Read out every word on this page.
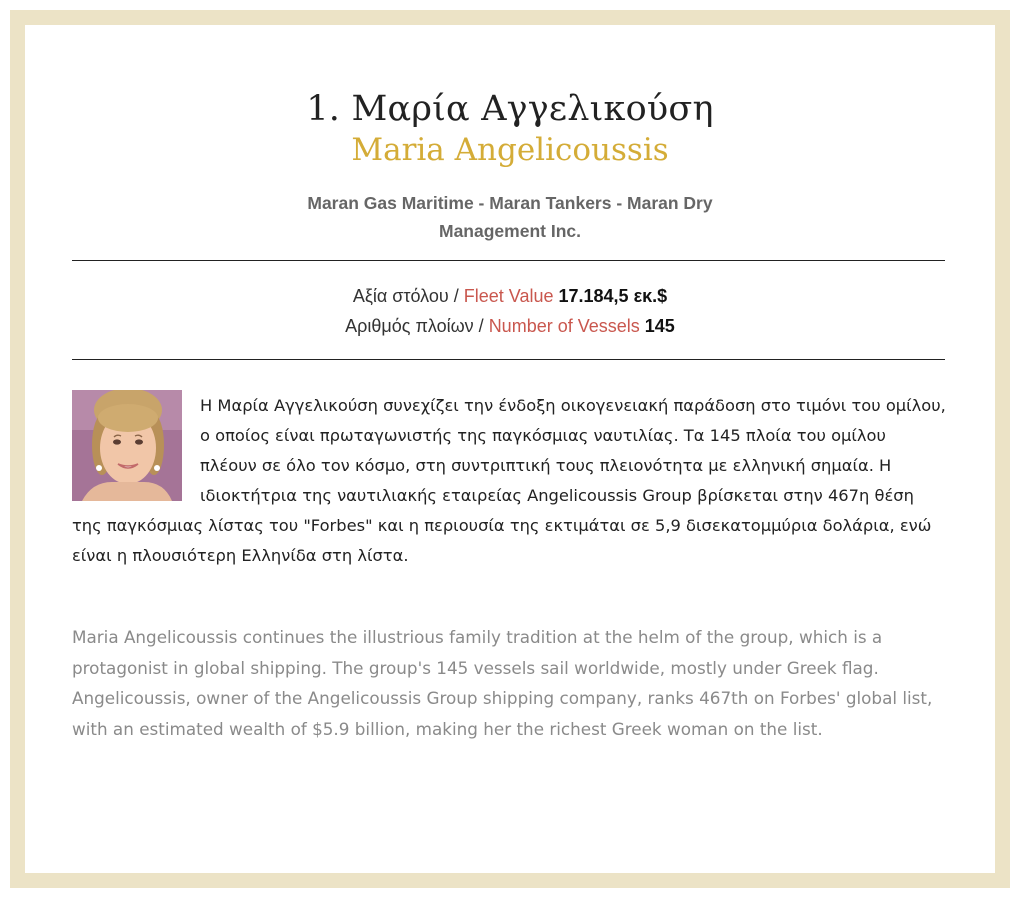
1. Μαρία Αγγελικούση
Maria Angelicoussis
Maran Gas Maritime - Maran Tankers - Maran Dry
Management Inc.
Αξία στόλου / Fleet Value 17.184,5 εκ.$
Αριθμός πλοίων / Number of Vessels 145

Η Μαρία Αγγελικούση συνεχίζει την ένδοξη οικογενειακή παράδοση στο τιμόνι του ομίλου, ο οποίος είναι πρωταγωνιστής της παγκόσμιας ναυτιλίας. Τα 145 πλοία του ομίλου πλέουν σε όλο τον κόσμο, στη συντριπτική τους πλειονότητα με ελληνική σημαία. Η ιδιοκτήτρια της ναυτιλιακής εταιρείας Angelicoussis Group βρίσκεται στην 467η θέση της παγκόσμιας λίστας του "Forbes" και η περιουσία της εκτιμάται σε 5,9 δισεκατομμύρια δολάρια, ενώ είναι η πλουσιότερη Ελληνίδα στη λίστα.

Maria Angelicoussis continues the illustrious family tradition at the helm of the group, which is a protagonist in global shipping. The group's 145 vessels sail worldwide, mostly under Greek flag. Angelicoussis, owner of the Angelicoussis Group shipping company, ranks 467th on Forbes' global list, with an estimated wealth of $5.9 billion, making her the richest Greek woman on the list.
